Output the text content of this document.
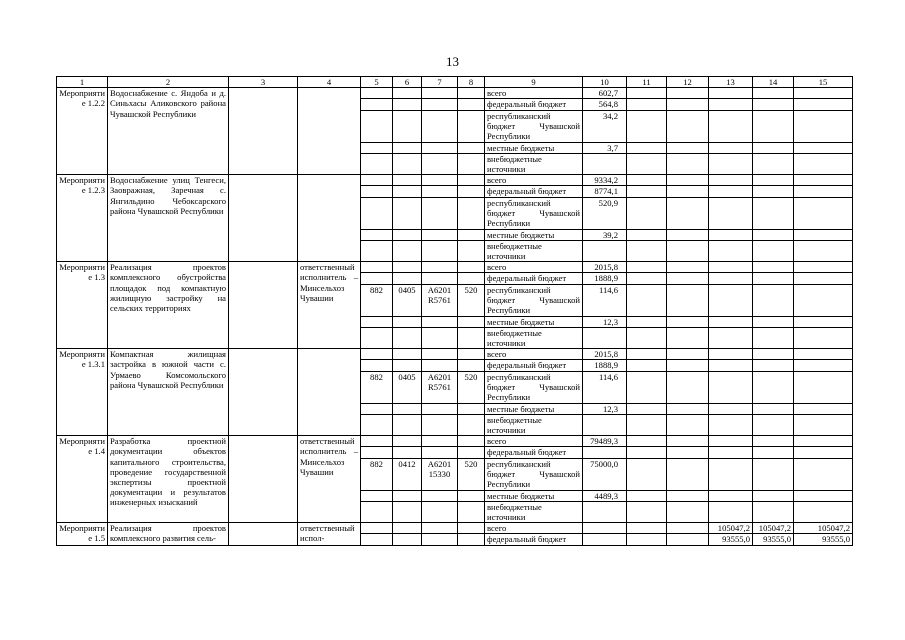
13
1	2	3	4	5	6	7	8	9	10	11	12	13	14	15
Мероприятие 1.2.2	Водоснабжение с. Яндоба и д. Синьхасы Аликовского района Чувашской Республики							всего	602,7					
								федеральный бюджет	564,8					
								республиканский бюджет Чувашской Республики	34,2					
								местные бюджеты	3,7					
								внебюджетные источники						
Мероприятие 1.2.3	Водоснабжение улиц Тенгеси, Заовражная, Заречная с. Янгильдино Чебоксарского района Чувашской Республики							всего	9334,2					
								федеральный бюджет	8774,1					
								республиканский бюджет Чувашской Республики	520,9					
								местные бюджеты	39,2					
								внебюджетные источники						
Мероприятие 1.3	Реализация проектов комплексного обустройства площадок под компактную жилищную застройку на сельских территориях		ответственный исполнитель – Минсельхоз Чувашии					всего	2015,8					
								федеральный бюджет	1888,9					
				882	0405	A6201 R5761	520	республиканский бюджет Чувашской Республики	114,6					
								местные бюджеты	12,3					
								внебюджетные источники						
Мероприятие 1.3.1	Компактная жилищная застройка в южной части с. Урмаево Комсомольского района Чувашской Республики							всего	2015,8					
								федеральный бюджет	1888,9					
				882	0405	A6201 R5761	520	республиканский бюджет Чувашской Республики	114,6					
								местные бюджеты	12,3					
								внебюджетные источники						
Мероприятие 1.4	Разработка проектной документации объектов капитального строительства, проведение государственной экспертизы проектной документации и результатов инженерных изысканий		ответственный исполнитель – Минсельхоз Чувашии					всего	79489,3					
								федеральный бюджет						
				882	0412	A6201 15330	520	республиканский бюджет Чувашской Республики	75000,0					
								местные бюджеты	4489,3					
								внебюджетные источники						
Мероприятие 1.5	Реализация проектов комплексного развития сель-		ответственный испол-					всего				105047,2	105047,2	105047,2
								федеральный бюджет				93555,0	93555,0	93555,0
